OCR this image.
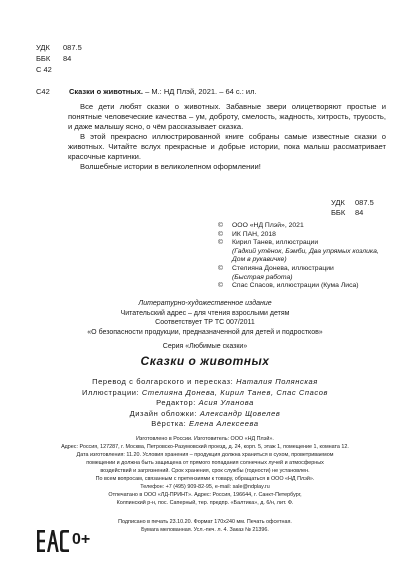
УДК	087.5
ББК	84
С 42
С42	Сказки о животных. – М.: НД Плэй, 2021. – 64 с.: ил.

Все дети любят сказки о животных. Забавные звери олицетворяют простые и понятные человеческие качества – ум, доброту, смелость, жадность, хитрость, трусость, и даже малышу ясно, о чём рассказывает сказка.

В этой прекрасно иллюстрированной книге собраны самые известные сказки о животных. Читайте вслух прекрасные и добрые истории, пока малыш рассматривает красочные картинки.

Волшебные истории в великолепном оформлении!

УДК	087.5
ББК	84
©	ООО «НД Плэй», 2021
©	ИК ПАН, 2018
©	Кирил Танев, иллюстрации
(Гадкий утёнок, Бэмби, Два упрямых козлика, Дом в рукавичке)
©	Стелияна Донева, иллюстрации
(Быстрая работа)
©	Спас Спасов, иллюстрации (Кума Лиса)
Литературно-художественное издание
Читательский адрес – для чтения взрослыми детям
Соответствует ТР ТС 007/2011
«О безопасности продукции, предназначенной для детей и подростков»
Серия «Любимые сказки»
Сказки о животных
Перевод с болгарского и пересказ: Наталия Полянская
Иллюстрации: Стелияна Донева, Кирил Танев, Спас Спасов
Редактор: Асия Уланова
Дизайн обложки: Александр Щовелев
Вёрстка: Елена Алексеева
Изготовлено в России. Изготовитель: ООО «НД Плэй».
Адрес: Россия, 127287, г. Москва, Петровско-Разумовский проезд, д. 24, корп. 5, этаж 1, помещение 1, комната 12.
Дата изготовления: 11.20. Условия хранения – продукция должна храниться в сухом, проветриваемом
помещении и должна быть защищена от прямого попадания солнечных лучей и атмосферных
воздействий и загрязнений. Срок хранения, срок службы (годности) не установлен.
По всем вопросам, связанным с претензиями к товару, обращаться в ООО «НД Плэй».
Телефон: +7 (495) 909-82-95, e-mail: sale@ndplay.ru
Отпечатано в ООО «ЛД-ПРИНТ». Адрес: Россия, 196644, г. Санкт-Петербург,
Колпинский р-н, пос. Саперный, тер. предпр. «Балтика», д. 6/н, лит. Ф.
Подписано в печать 23.10.20. Формат 170x240 мм. Печать офсетная.
Бумага мелованная. Усл.-печ. л. 4. Заказ № 21396.
0+
